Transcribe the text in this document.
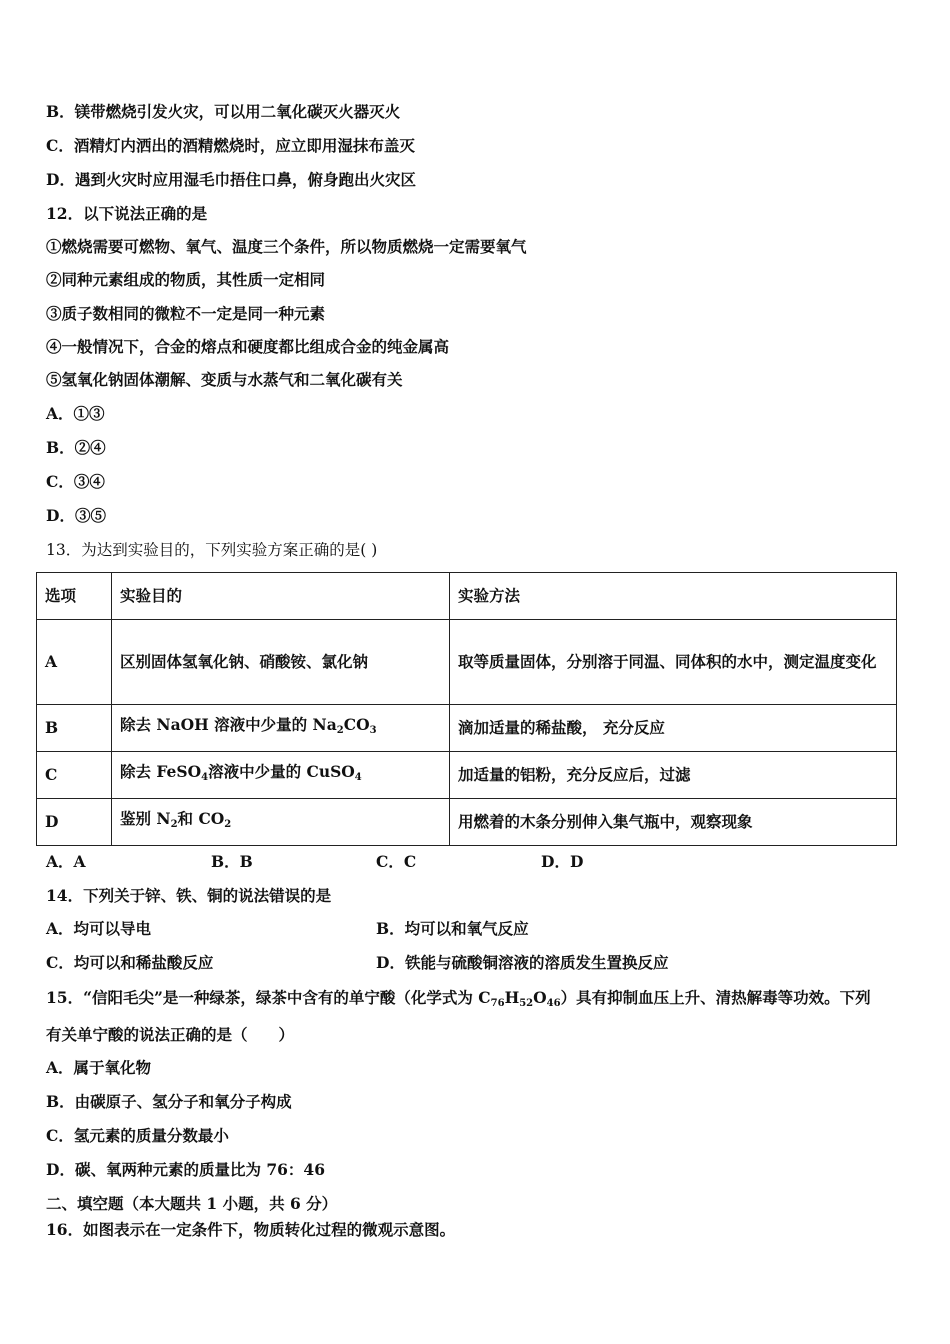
B．镁带燃烧引发火灾，可以用二氧化碳灭火器灭火
C．酒精灯内洒出的酒精燃烧时，应立即用湿抹布盖灭
D．遇到火灾时应用湿毛巾捂住口鼻，俯身跑出火灾区
12．以下说法正确的是
①燃烧需要可燃物、氧气、温度三个条件，所以物质燃烧一定需要氧气
②同种元素组成的物质，其性质一定相同
③质子数相同的微粒不一定是同一种元素
④一般情况下，合金的熔点和硬度都比组成合金的纯金属高
⑤氢氧化钠固体潮解、变质与水蒸气和二氧化碳有关
A．①③
B．②④
C．③④
D．③⑤
13．为达到实验目的，下列实验方案正确的是( )
选项	实验目的	实验方法
A	区别固体氢氧化钠、硝酸铵、氯化钠	取等质量固体，分别溶于同温、同体积的水中，测定温度变化
B	除去 NaOH 溶液中少量的 $Na_2CO_3$	滴加适量的稀盐酸， 充分反应
C	除去 FeSO$_4$溶液中少量的 CuSO$_4$	加适量的铝粉，充分反应后，过滤
D	鉴别 $N_2$和 $CO_2$	用燃着的木条分别伸入集气瓶中，观察现象
A．A	B．B	C．C	D．D
14．下列关于锌、铁、铜的说法错误的是
A．均可以导电	B．均可以和氧气反应
C．均可以和稀盐酸反应	D．铁能与硫酸铜溶液的溶质发生置换反应
15．“信阳毛尖”是一种绿茶，绿茶中含有的单宁酸（化学式为 $C_{76}H_{52}O_{46}$）具有抑制血压上升、清热解毒等功效。下列
有关单宁酸的说法正确的是（　　）
A．属于氧化物
B．由碳原子、氢分子和氧分子构成
C．氢元素的质量分数最小
D．碳、氧两种元素的质量比为 76：46
二、填空题（本大题共 1 小题，共 6 分）
16．如图表示在一定条件下，物质转化过程的微观示意图。
